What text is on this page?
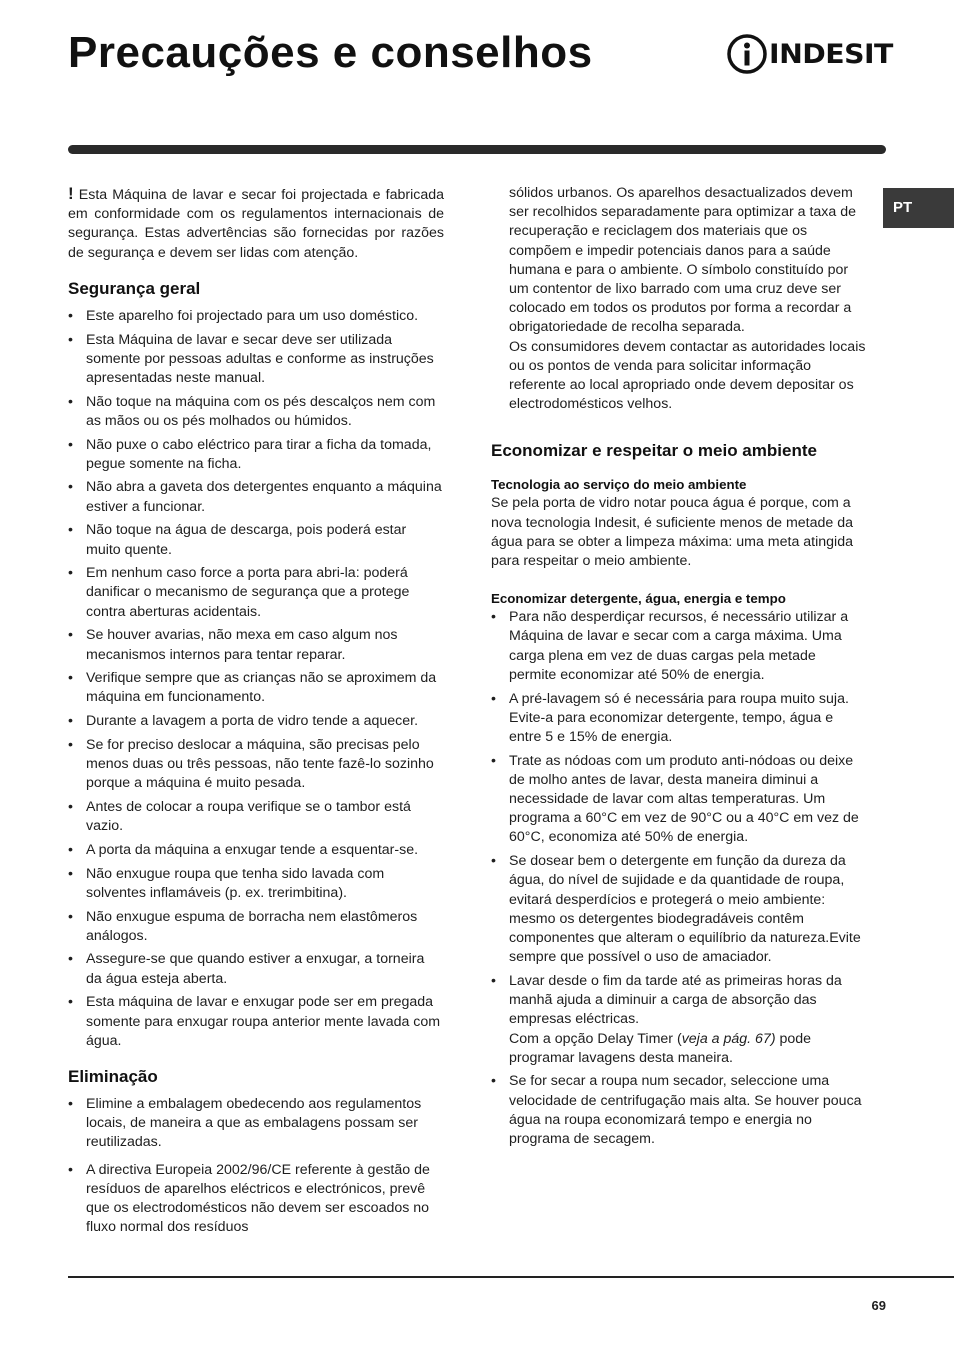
Precauções e conselhos	INDESIT
PT

! Esta Máquina de lavar e secar foi projectada e fabricada em conformidade com os regulamentos internacionais de segurança. Estas advertências são fornecidas por razões de segurança e devem ser lidas com atenção.

Segurança geral
• Este aparelho foi projectado para um uso doméstico.
• Esta Máquina de lavar e secar deve ser utilizada somente por pessoas adultas e conforme as instruções apresentadas neste manual.
• Não toque na máquina com os pés descalços nem com as mãos ou os pés molhados ou húmidos.
• Não puxe o cabo eléctrico para tirar a ficha da tomada, pegue somente na ficha.
• Não abra a gaveta dos detergentes enquanto a máquina estiver a funcionar.
• Não toque na água de descarga, pois poderá estar muito quente.
• Em nenhum caso force a porta para abri-la: poderá danificar o mecanismo de segurança que a protege contra aberturas acidentais.
• Se houver avarias, não mexa em caso algum nos mecanismos internos para tentar reparar.
• Verifique sempre que as crianças não se aproximem da máquina em funcionamento.
• Durante a lavagem a porta de vidro tende a aquecer.
• Se for preciso deslocar a máquina, são precisas pelo menos duas ou três pessoas, não tente fazê-lo sozinho porque a máquina é muito pesada.
• Antes de colocar a roupa verifique se o tambor está vazio.
• A porta da máquina a enxugar tende a esquentar-se.
• Não enxugue roupa que tenha sido lavada com solventes inflamáveis (p. ex. trerimbitina).
• Não enxugue espuma de borracha nem elastômeros análogos.
• Assegure-se que quando estiver a enxugar, a torneira da água esteja aberta.
• Esta máquina de lavar e enxugar pode ser em pregada somente para enxugar roupa anterior mente lavada com água.
Eliminação
• Elimine a embalagem obedecendo aos regulamentos locais, de maneira a que as embalagens possam ser reutilizadas.
• A directiva Europeia 2002/96/CE referente à gestão de resíduos de aparelhos eléctricos e electrónicos, prevê que os electrodomésticos não devem ser escoados no fluxo normal dos resíduos

sólidos urbanos. Os aparelhos desactualizados devem ser recolhidos separadamente para optimizar a taxa de recuperação e reciclagem dos materiais que os compõem e impedir potenciais danos para a saúde humana e para o ambiente. O símbolo constituído por um contentor de lixo barrado com uma cruz deve ser colocado em todos os produtos por forma a recordar a obrigatoriedade de recolha separada.

Os consumidores devem contactar as autoridades locais ou os pontos de venda para solicitar informação referente ao local apropriado onde devem depositar os electrodomésticos velhos.

Economizar e respeitar o meio ambiente
Tecnologia ao serviço do meio ambiente

Se pela porta de vidro notar pouca água é porque, com a nova tecnologia Indesit, é suficiente menos de metade da água para se obter a limpeza máxima: uma meta atingida para respeitar o meio ambiente.

Economizar detergente, água, energia e tempo
• Para não desperdiçar recursos, é necessário utilizar a Máquina de lavar e secar com a carga máxima. Uma carga plena em vez de duas cargas pela metade permite economizar até 50% de energia.
• A pré-lavagem só é necessária para roupa muito suja. Evite-a para economizar detergente, tempo, água e entre 5 e 15% de energia.
• Trate as nódoas com um produto anti-nódoas ou deixe de molho antes de lavar, desta maneira diminui a necessidade de lavar com altas temperaturas. Um programa a 60°C em vez de 90°C ou a 40°C em vez de 60°C, economiza até 50% de energia.
• Se dosear bem o detergente em função da dureza da água, do nível de sujidade e da quantidade de roupa, evitará desperdícios e protegerá o meio ambiente: mesmo os detergentes biodegradáveis contêm componentes que alteram o equilíbrio da natureza.Evite sempre que possível o uso de amaciador.
• Lavar desde o fim da tarde até as primeiras horas da manhã ajuda a diminuir a carga de absorção das empresas eléctricas.
Com a opção Delay Timer (veja a pág. 67) pode programar lavagens desta maneira.
• Se for secar a roupa num secador, seleccione uma velocidade de centrifugação mais alta. Se houver pouca água na roupa economizará tempo e energia no programa de secagem.
69
